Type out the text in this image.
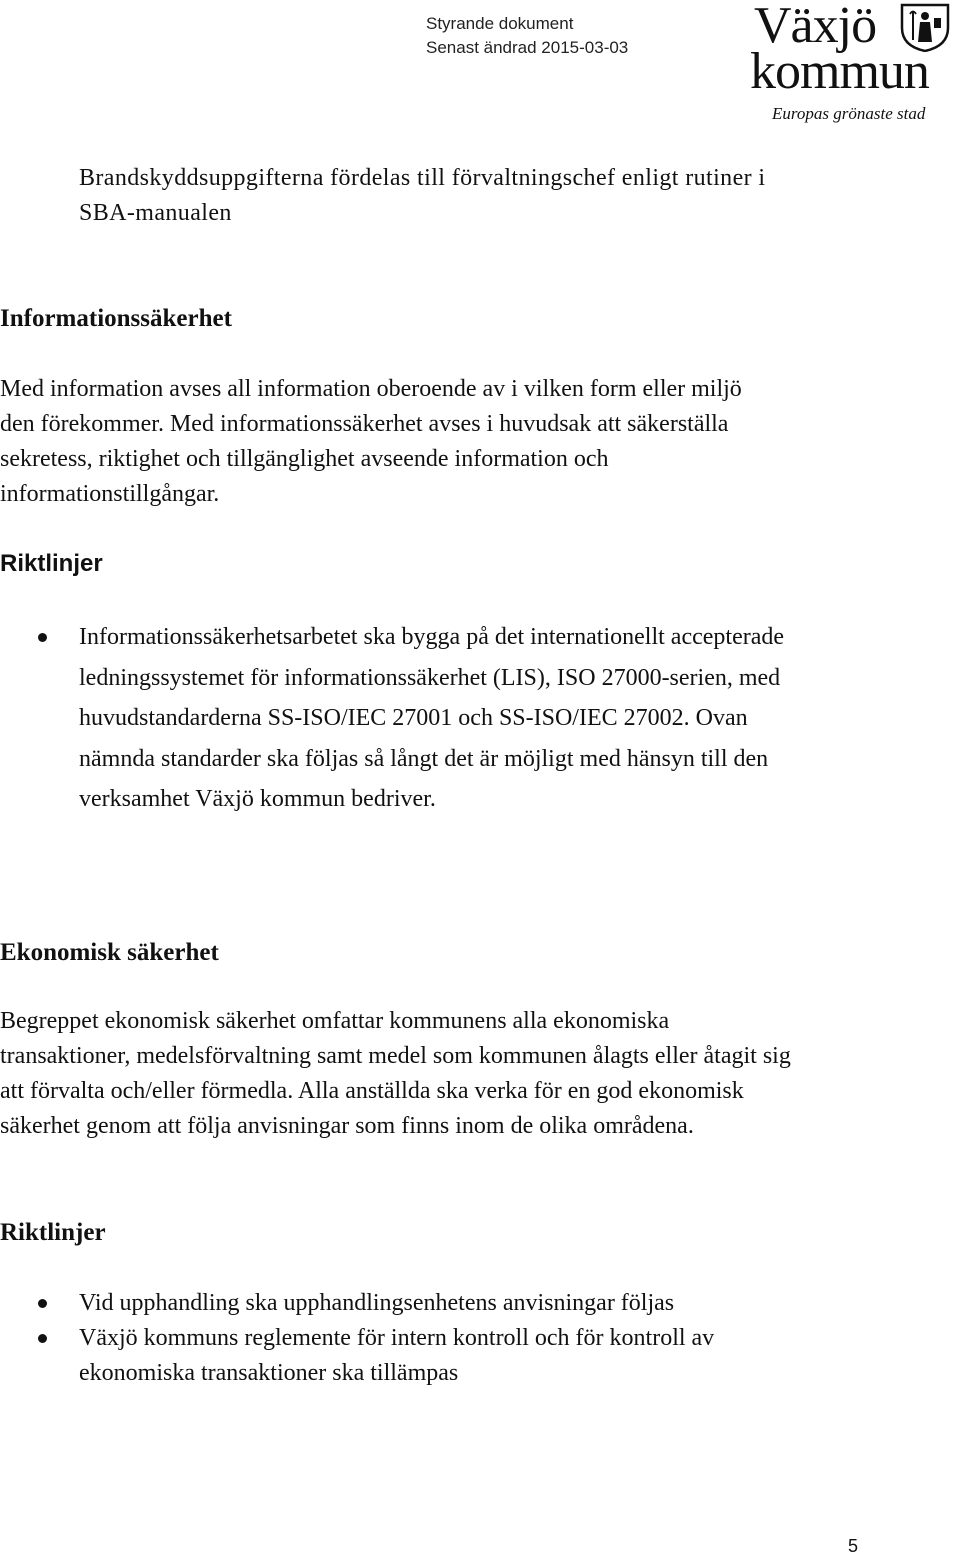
Styrande dokument
Senast ändrad 2015-03-03 Växjö
kommun
Europas grönaste stad

Brandskyddsuppgifterna fördelas till förvaltningschef enligt rutiner i SBA-manualen

Informationssäkerhet

Med information avses all information oberoende av i vilken form eller miljö den förekommer. Med informationssäkerhet avses i huvudsak att säkerställa sekretess, riktighet och tillgänglighet avseende information och informationstillgångar.

Riktlinjer
Informationssäkerhetsarbetet ska bygga på det internationellt accepterade ledningssystemet för informationssäkerhet (LIS), ISO 27000-serien, med huvudstandarderna SS-ISO/IEC 27001 och SS-ISO/IEC 27002. Ovan nämnda standarder ska följas så långt det är möjligt med hänsyn till den verksamhet Växjö kommun bedriver.
Ekonomisk säkerhet

Begreppet ekonomisk säkerhet omfattar kommunens alla ekonomiska transaktioner, medelsförvaltning samt medel som kommunen ålagts eller åtagit sig att förvalta och/eller förmedla. Alla anställda ska verka för en god ekonomisk säkerhet genom att följa anvisningar som finns inom de olika områdena.

Riktlinjer
Vid upphandling ska upphandlingsenhetens anvisningar följas
Växjö kommuns reglemente för intern kontroll och för kontroll av ekonomiska transaktioner ska tillämpas
5
